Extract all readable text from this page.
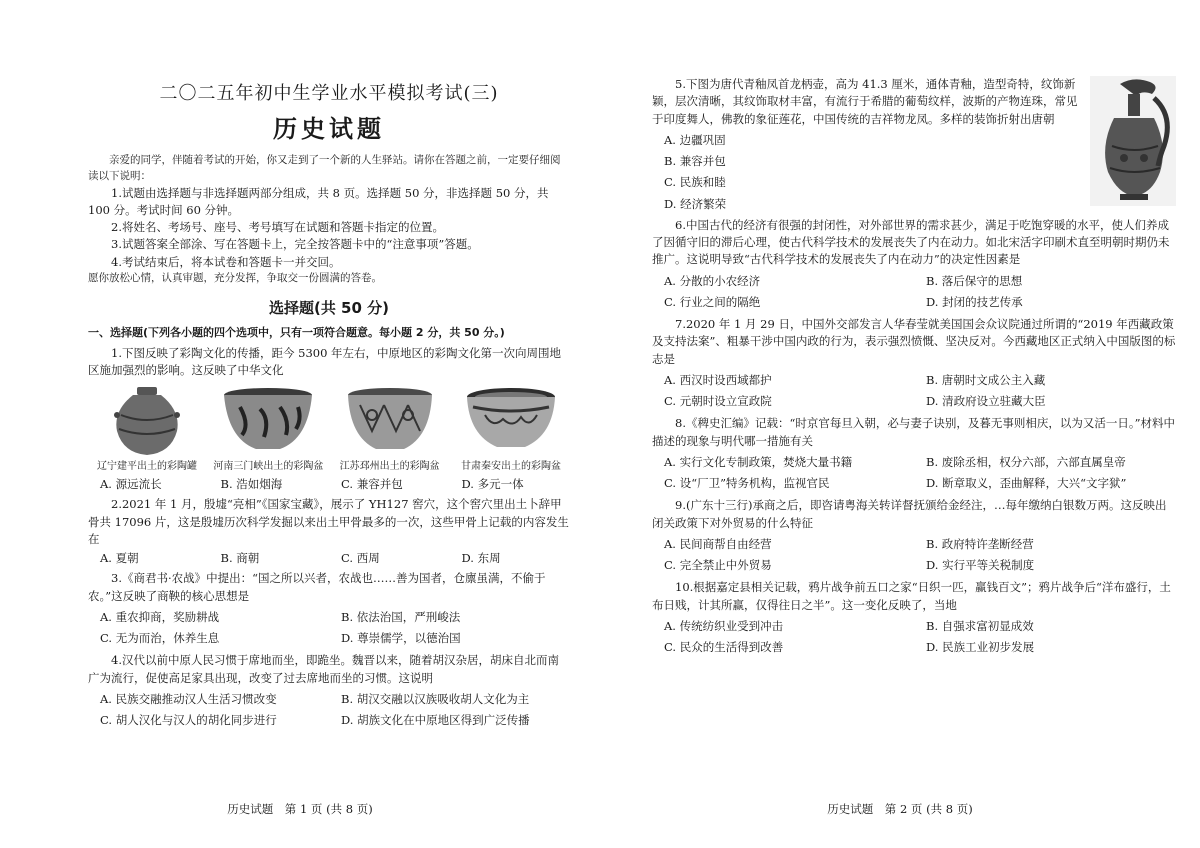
二〇二五年初中生学业水平模拟考试(三)
历史试题

亲爱的同学，伴随着考试的开始，你又走到了一个新的人生驿站。请你在答题之前，一定要仔细阅读以下说明：

1.试题由选择题与非选择题两部分组成，共 8 页。选择题 50 分，非选择题 50 分，共 100 分。考试时间 60 分钟。

2.将姓名、考场号、座号、考号填写在试题和答题卡指定的位置。

3.试题答案全部涂、写在答题卡上，完全按答题卡中的“注意事项”答题。

4.考试结束后，将本试卷和答题卡一并交回。

愿你放松心情，认真审题，充分发挥，争取交一份圆满的答卷。

选择题(共 50 分)
一、选择题(下列各小题的四个选项中，只有一项符合题意。每小题 2 分，共 50 分。)

1.下图反映了彩陶文化的传播，距今 5300 年左右，中原地区的彩陶文化第一次向周围地区施加强烈的影响。这反映了中华文化

辽宁建平出土的彩陶罐	河南三门峡出土的彩陶盆	江苏邳州出土的彩陶盆	甘肃秦安出土的彩陶盆
A. 源远流长	B. 浩如烟海	C. 兼容并包	D. 多元一体

2.2021 年 1 月，殷墟“亮相”《国家宝藏》，展示了 YH127 窖穴，这个窖穴里出土卜辞甲骨共 17096 片，这是殷墟历次科学发掘以来出土甲骨最多的一次，这些甲骨上记载的内容发生在

A. 夏朝	B. 商朝	C. 西周	D. 东周

3.《商君书·农战》中提出：“国之所以兴者，农战也……善为国者，仓廪虽满，不偷于农。”这反映了商鞅的核心思想是

A. 重农抑商，奖励耕战	B. 依法治国，严刑峻法
C. 无为而治，休养生息	D. 尊崇儒学，以德治国

4.汉代以前中原人民习惯于席地而坐，即跪坐。魏晋以来，随着胡汉杂居，胡床自北而南广为流行，促使高足家具出现，改变了过去席地而坐的习惯。这说明

A. 民族交融推动汉人生活习惯改变	B. 胡汉交融以汉族吸收胡人文化为主
C. 胡人汉化与汉人的胡化同步进行	D. 胡族文化在中原地区得到广泛传播
历史试题　第 1 页 (共 8 页)

5.下图为唐代青釉凤首龙柄壶，高为 41.3 厘米，通体青釉，造型奇特，纹饰新颖，层次清晰，其纹饰取材丰富，有流行于希腊的葡萄纹样，波斯的产物连珠，常见于印度舞人，佛教的象征莲花，中国传统的吉祥物龙凤。多样的装饰折射出唐朝

A. 边疆巩固
B. 兼容并包
C. 民族和睦
D. 经济繁荣

6.中国古代的经济有很强的封闭性，对外部世界的需求甚少，满足于吃饱穿暖的水平，使人们养成了因循守旧的滞后心理，使古代科学技术的发展丧失了内在动力。如北宋活字印刷术直至明朝时期仍未推广。这说明导致“古代科学技术的发展丧失了内在动力”的决定性因素是

A. 分散的小农经济	B. 落后保守的思想
C. 行业之间的隔绝	D. 封闭的技艺传承

7.2020 年 1 月 29 日，中国外交部发言人华春莹就美国国会众议院通过所谓的“2019 年西藏政策及支持法案”、粗暴干涉中国内政的行为，表示强烈愤慨、坚决反对。今西藏地区正式纳入中国版图的标志是

A. 西汉时设西域都护	B. 唐朝时文成公主入藏
C. 元朝时设立宣政院	D. 清政府设立驻藏大臣

8.《稗史汇编》记载：“时京官每旦入朝，必与妻子诀别，及暮无事则相庆，以为又活一日。”材料中描述的现象与明代哪一措施有关

A. 实行文化专制政策，焚烧大量书籍	B. 废除丞相，权分六部，六部直属皇帝
C. 设“厂卫”特务机构，监视官民	D. 断章取义，歪曲解释，大兴“文字狱”

9.(广东十三行)承商之后，即咨请粤海关转详督抚颁给金经注，…每年缴纳白银数万两。这反映出闭关政策下对外贸易的什么特征

A. 民间商帮自由经营	B. 政府特许垄断经营
C. 完全禁止中外贸易	D. 实行平等关税制度

10.根据嘉定县相关记载，鸦片战争前五口之家“日织一匹，赢钱百文”；鸦片战争后“洋布盛行，土布日贱，计其所赢，仅得往日之半”。这一变化反映了，当地

A. 传统纺织业受到冲击	B. 自强求富初显成效
C. 民众的生活得到改善	D. 民族工业初步发展
历史试题　第 2 页 (共 8 页)
